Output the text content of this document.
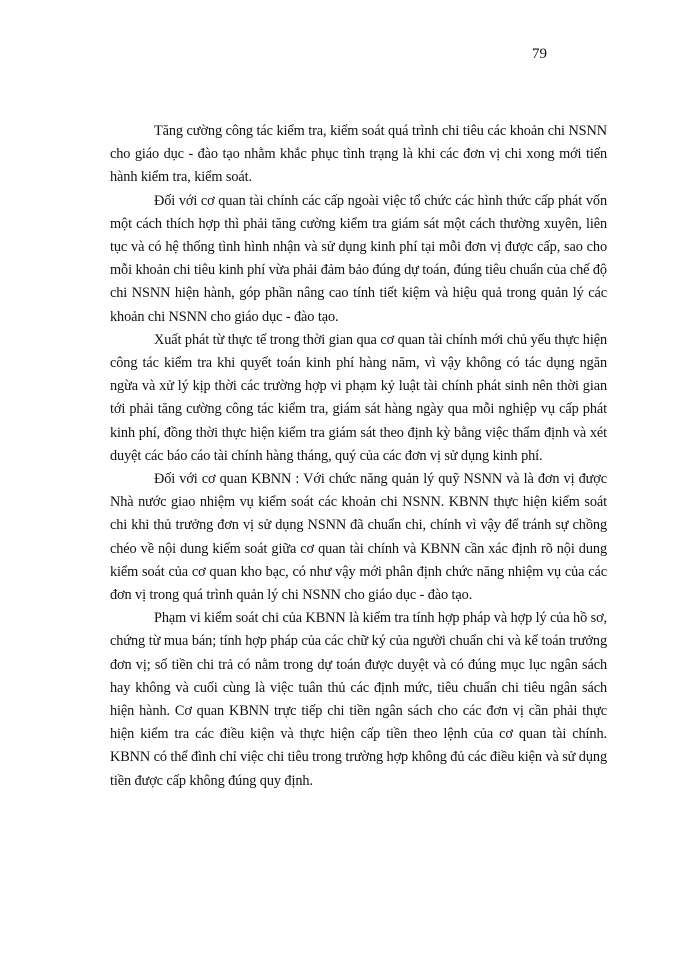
79

Tăng cường công tác kiểm tra, kiểm soát quá trình chi tiêu các khoản chi NSNN cho giáo dục - đào tạo nhằm khắc phục tình trạng là khi các đơn vị chi xong mới tiến hành kiểm tra, kiểm soát.

Đối với cơ quan tài chính các cấp ngoài việc tổ chức các hình thức cấp phát vốn một cách thích hợp thì phải tăng cường kiểm tra giám sát một cách thường xuyên, liên tục và có hệ thống tình hình nhận và sử dụng kinh phí tại mỗi đơn vị được cấp, sao cho mỗi khoản chi tiêu kinh phí vừa phải đảm bảo đúng dự toán, đúng tiêu chuẩn của chế độ chi NSNN hiện hành, góp phần nâng cao tính tiết kiệm và hiệu quả trong quản lý các khoản chi NSNN cho giáo dục - đào tạo.

Xuất phát từ thực tế trong thời gian qua cơ quan tài chính mới chủ yếu thực hiện công tác kiểm tra khi quyết toán kinh phí hàng năm, vì vậy không có tác dụng ngăn ngừa và xử lý kịp thời các trường hợp vi phạm kỷ luật tài chính phát sinh nên thời gian tới phải tăng cường công tác kiểm tra, giám sát hàng ngày qua mỗi nghiệp vụ cấp phát kinh phí, đồng thời thực hiện kiểm tra giám sát theo định kỳ bằng việc thẩm định và xét duyệt các báo cáo tài chính hàng tháng, quý của các đơn vị sử dụng kinh phí.

Đối với cơ quan KBNN : Với chức năng quản lý quỹ NSNN và là đơn vị được Nhà nước giao nhiệm vụ kiểm soát các khoản chi NSNN. KBNN thực hiện kiểm soát chi khi thủ trưởng đơn vị sử dụng NSNN đã chuẩn chi, chính vì vậy để tránh sự chồng chéo về nội dung kiểm soát giữa cơ quan tài chính và KBNN cần xác định rõ nội dung kiểm soát của cơ quan kho bạc, có như vậy mới phân định chức năng nhiệm vụ của các đơn vị trong quá trình quản lý chi NSNN cho giáo dục - đào tạo.

Phạm vi kiểm soát chi của KBNN là kiểm tra tính hợp pháp và hợp lý của hồ sơ, chứng từ mua bán; tính hợp pháp của các chữ ký của người chuẩn chi và kế toán trưởng đơn vị; số tiền chi trả có nằm trong dự toán được duyệt và có đúng mục lục ngân sách hay không và cuối cùng là việc tuân thủ các định mức, tiêu chuẩn chi tiêu ngân sách hiện hành. Cơ quan KBNN trực tiếp chi tiền ngân sách cho các đơn vị cần phải thực hiện kiểm tra các điều kiện và thực hiện cấp tiền theo lệnh của cơ quan tài chính. KBNN có thể đình chỉ việc chi tiêu trong trường hợp không đủ các điều kiện và sử dụng tiền được cấp không đúng quy định.
